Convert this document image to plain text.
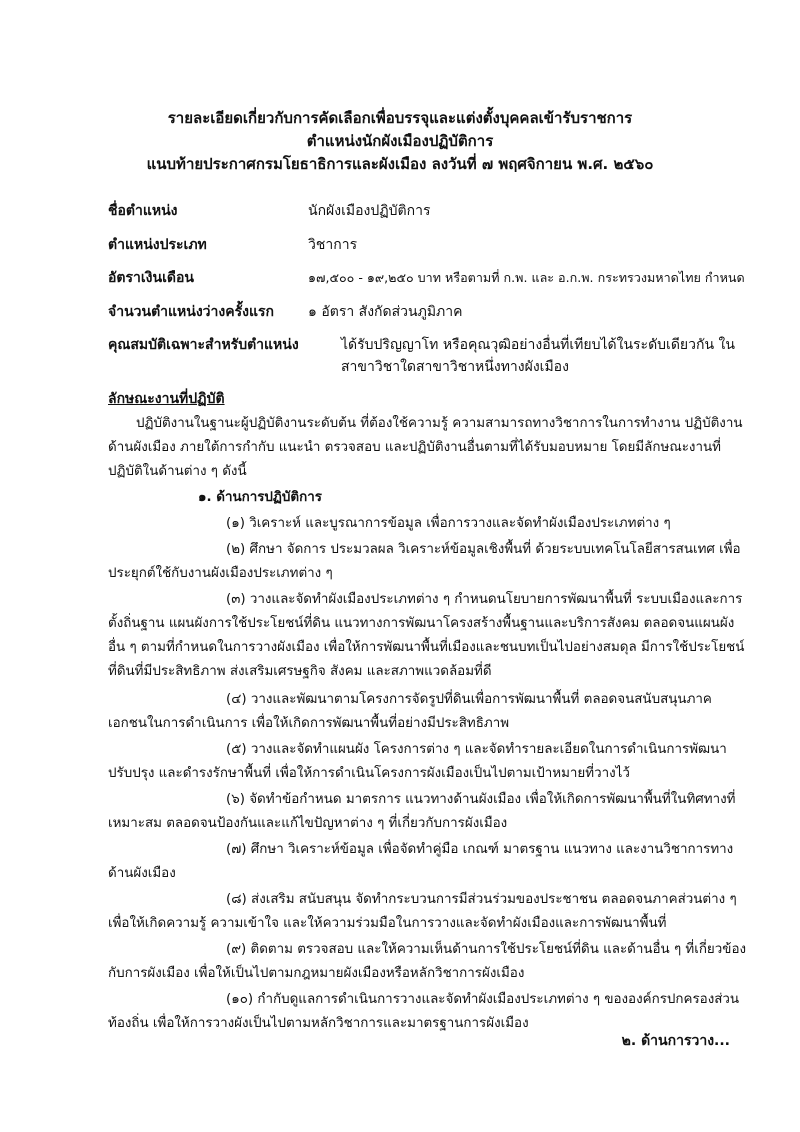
รายละเอียดเกี่ยวกับการคัดเลือกเพื่อบรรจุและแต่งตั้งบุคคลเข้ารับราชการ
ตำแหน่งนักผังเมืองปฏิบัติการ
แนบท้ายประกาศกรมโยธาธิการและผังเมือง ลงวันที่ ๗ พฤศจิกายน พ.ศ. ๒๕๖๐
ชื่อตำแหน่ง	นักผังเมืองปฏิบัติการ
ตำแหน่งประเภท	วิชาการ
อัตราเงินเดือน	๑๗,๕๐๐ - ๑๙,๒๕๐ บาท หรือตามที่ ก.พ. และ อ.ก.พ. กระทรวงมหาดไทย กำหนด
จำนวนตำแหน่งว่างครั้งแรก ๑ อัตรา สังกัดส่วนภูมิภาค
คุณสมบัติเฉพาะสำหรับตำแหน่ง	ได้รับปริญญาโท หรือคุณวุฒิอย่างอื่นที่เทียบได้ในระดับเดียวกัน ในสาขาวิชาใดสาขาวิชาหนึ่งทางผังเมือง
ลักษณะงานที่ปฏิบัติ
ปฏิบัติงานในฐานะผู้ปฏิบัติงานระดับต้น ที่ต้องใช้ความรู้ ความสามารถทางวิชาการในการทำงาน ปฏิบัติงานด้านผังเมือง ภายใต้การกำกับ แนะนำ ตรวจสอบ และปฏิบัติงานอื่นตามที่ได้รับมอบหมาย โดยมีลักษณะงานที่ปฏิบัติในด้านต่าง ๆ ดังนี้
๑. ด้านการปฏิบัติการ
(๑) วิเคราะห์ และบูรณาการข้อมูล เพื่อการวางและจัดทำผังเมืองประเภทต่าง ๆ
(๒) ศึกษา จัดการ ประมวลผล วิเคราะห์ข้อมูลเชิงพื้นที่ ด้วยระบบเทคโนโลยีสารสนเทศ เพื่อประยุกต์ใช้กับงานผังเมืองประเภทต่าง ๆ
(๓) วางและจัดทำผังเมืองประเภทต่าง ๆ กำหนดนโยบายการพัฒนาพื้นที่ ระบบเมืองและการตั้งถิ่นฐาน แผนผังการใช้ประโยชน์ที่ดิน แนวทางการพัฒนาโครงสร้างพื้นฐานและบริการสังคม ตลอดจนแผนผังอื่น ๆ ตามที่กำหนดในการวางผังเมือง เพื่อให้การพัฒนาพื้นที่เมืองและชนบทเป็นไปอย่างสมดุล มีการใช้ประโยชน์ที่ดินที่มีประสิทธิภาพ ส่งเสริมเศรษฐกิจ สังคม และสภาพแวดล้อมที่ดี
(๔) วางและพัฒนาตามโครงการจัดรูปที่ดินเพื่อการพัฒนาพื้นที่ ตลอดจนสนับสนุนภาคเอกชนในการดำเนินการ เพื่อให้เกิดการพัฒนาพื้นที่อย่างมีประสิทธิภาพ
(๕) วางและจัดทำแผนผัง โครงการต่าง ๆ และจัดทำรายละเอียดในการดำเนินการพัฒนา ปรับปรุง และดำรงรักษาพื้นที่ เพื่อให้การดำเนินโครงการผังเมืองเป็นไปตามเป้าหมายที่วางไว้
(๖) จัดทำข้อกำหนด มาตรการ แนวทางด้านผังเมือง เพื่อให้เกิดการพัฒนาพื้นที่ในทิศทางที่เหมาะสม ตลอดจนป้องกันและแก้ไขปัญหาต่าง ๆ ที่เกี่ยวกับการผังเมือง
(๗) ศึกษา วิเคราะห์ข้อมูล เพื่อจัดทำคู่มือ เกณฑ์ มาตรฐาน แนวทาง และงานวิชาการทางด้านผังเมือง
(๘) ส่งเสริม สนับสนุน จัดทำกระบวนการมีส่วนร่วมของประชาชน ตลอดจนภาคส่วนต่าง ๆ เพื่อให้เกิดความรู้ ความเข้าใจ และให้ความร่วมมือในการวางและจัดทำผังเมืองและการพัฒนาพื้นที่
(๙) ติดตาม ตรวจสอบ และให้ความเห็นด้านการใช้ประโยชน์ที่ดิน และด้านอื่น ๆ ที่เกี่ยวข้องกับการผังเมือง เพื่อให้เป็นไปตามกฎหมายผังเมืองหรือหลักวิชาการผังเมือง
(๑๐) กำกับดูแลการดำเนินการวางและจัดทำผังเมืองประเภทต่าง ๆ ขององค์กรปกครองส่วนท้องถิ่น เพื่อให้การวางผังเป็นไปตามหลักวิชาการและมาตรฐานการผังเมือง
๒. ด้านการวาง...
